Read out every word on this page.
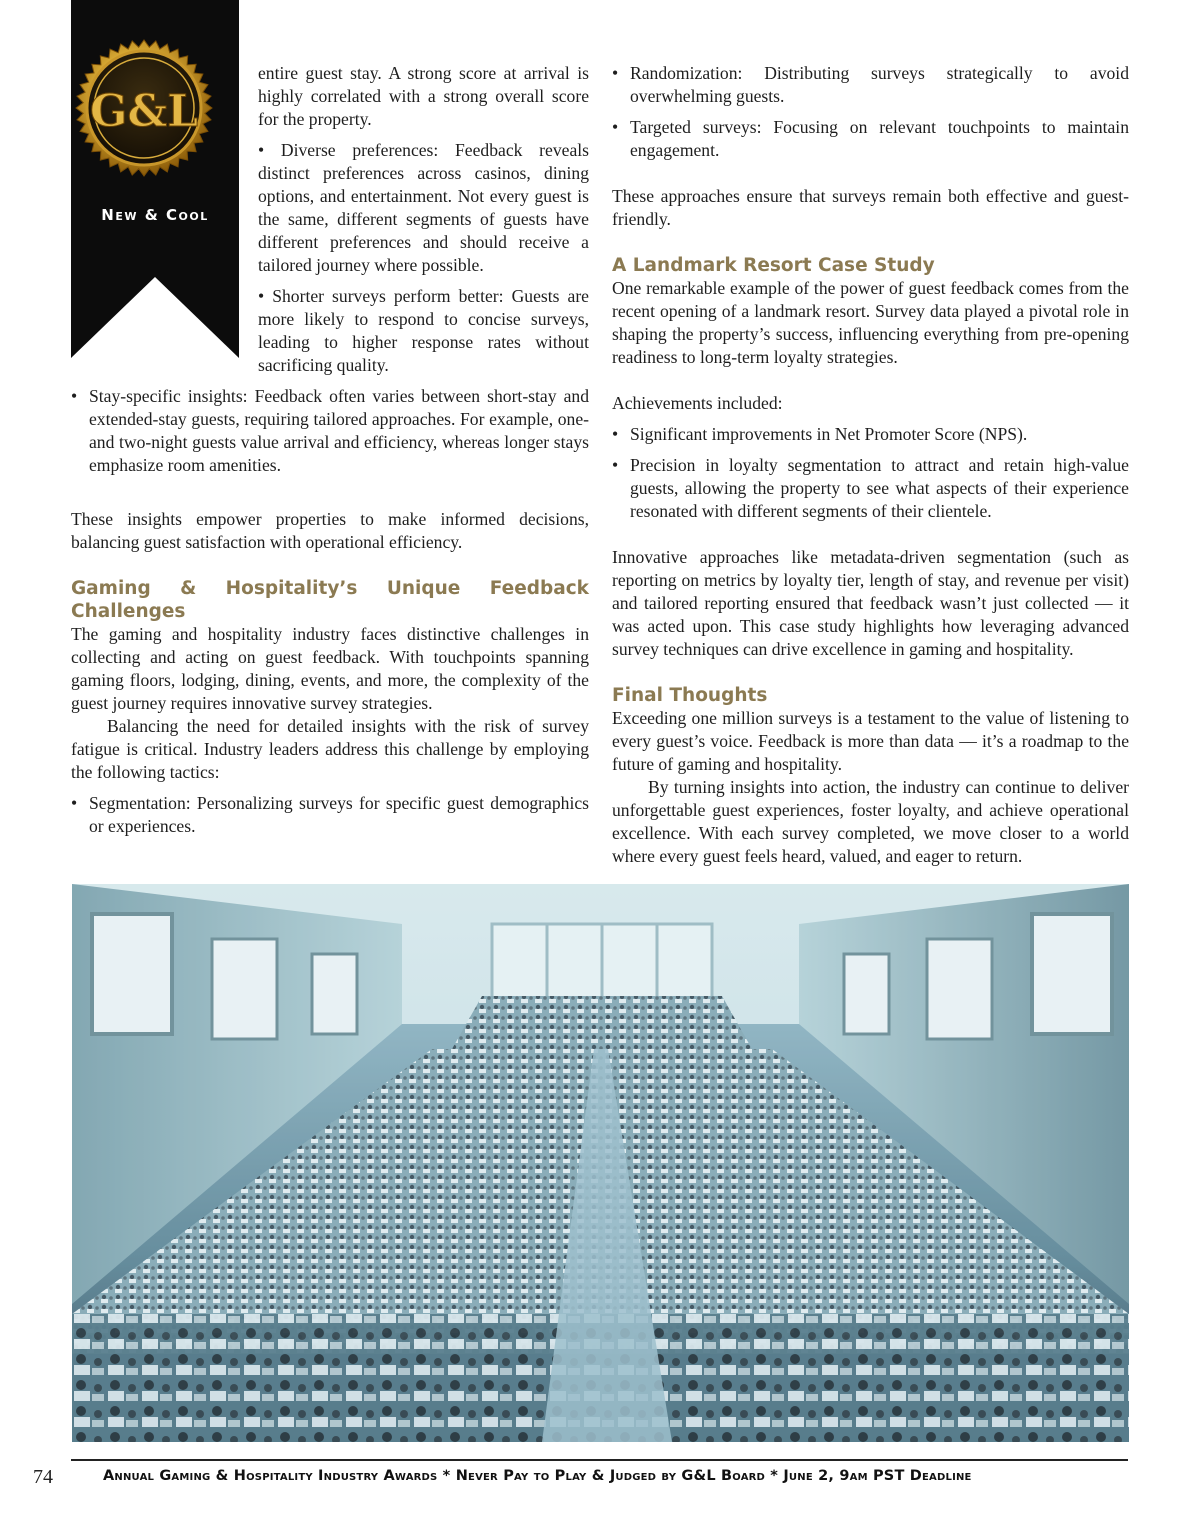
G&L
New & Cool

entire guest stay. A strong score at arrival is highly correlated with a strong overall score for the property.

• Diverse preferences: Feedback reveals distinct preferences across casinos, dining options, and entertainment. Not every guest is the same, different segments of guests have different preferences and should receive a tailored journey where possible.

• Shorter surveys perform better: Guests are more likely to respond to concise surveys, leading to higher response rates without sacrificing quality.

• Stay-specific insights: Feedback often varies between short-stay and extended-stay guests, requiring tailored approaches. For example, one- and two-night guests value arrival and efficiency, whereas longer stays emphasize room amenities.

These insights empower properties to make informed decisions, balancing guest satisfaction with operational efficiency.

Gaming & Hospitality’s Unique Feedback
Challenges

The gaming and hospitality industry faces distinctive challenges in collecting and acting on guest feedback. With touchpoints spanning gaming floors, lodging, dining, events, and more, the complexity of the guest journey requires innovative survey strategies.

Balancing the need for detailed insights with the risk of survey fatigue is critical. Industry leaders address this challenge by employing the following tactics:

• Segmentation: Personalizing surveys for specific guest demographics or experiences.

• Randomization: Distributing surveys strategically to avoid overwhelming guests.

• Targeted surveys: Focusing on relevant touchpoints to maintain engagement.

These approaches ensure that surveys remain both effective and guest-friendly.

A Landmark Resort Case Study

One remarkable example of the power of guest feedback comes from the recent opening of a landmark resort. Survey data played a pivotal role in shaping the property’s success, influencing everything from pre-opening readiness to long-term loyalty strategies.

Achievements included:

• Significant improvements in Net Promoter Score (NPS).

• Precision in loyalty segmentation to attract and retain high-value guests, allowing the property to see what aspects of their experience resonated with different segments of their clientele.

Innovative approaches like metadata-driven segmentation (such as reporting on metrics by loyalty tier, length of stay, and revenue per visit) and tailored reporting ensured that feedback wasn’t just collected — it was acted upon. This case study highlights how leveraging advanced survey techniques can drive excellence in gaming and hospitality.

Final Thoughts

Exceeding one million surveys is a testament to the value of listening to every guest’s voice. Feedback is more than data — it’s a roadmap to the future of gaming and hospitality.

By turning insights into action, the industry can continue to deliver unforgettable guest experiences, foster loyalty, and achieve operational excellence. With each survey completed, we move closer to a world where every guest feels heard, valued, and eager to return.

74	Annual Gaming & Hospitality Industry Awards * Never Pay to Play & Judged by G&L Board * June 2, 9am PST Deadline
